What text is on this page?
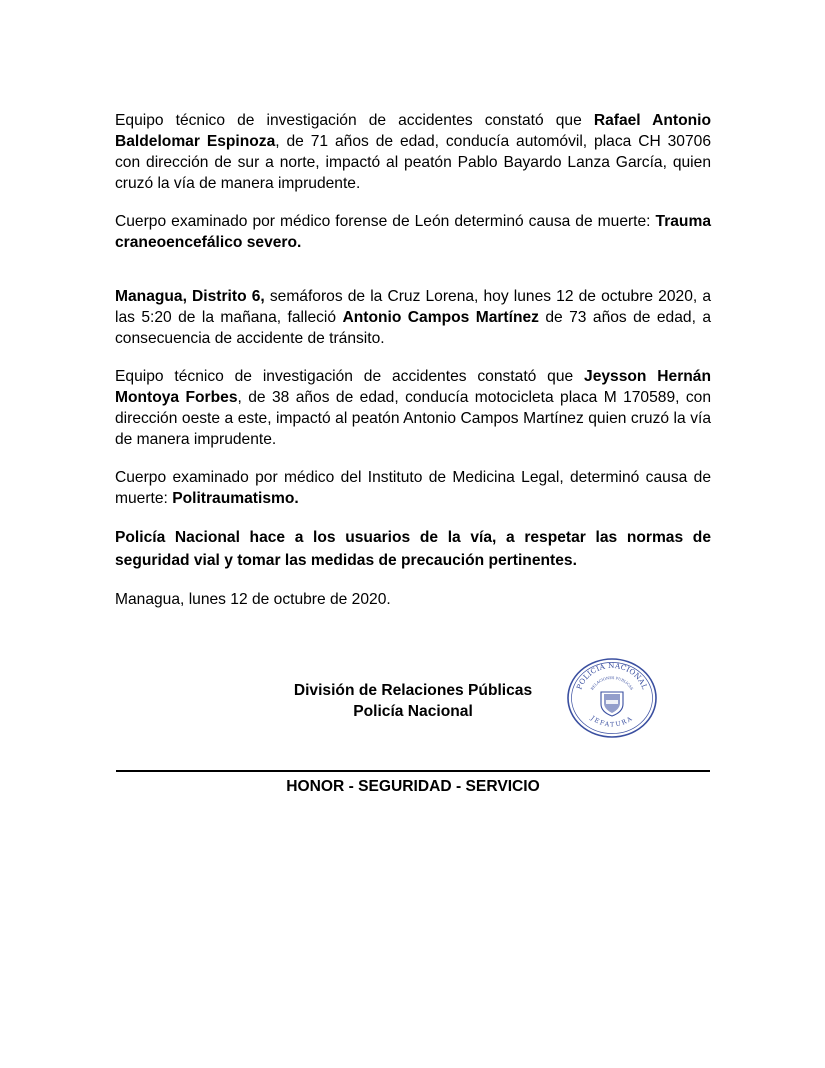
Equipo técnico de investigación de accidentes constató que Rafael Antonio Baldelomar Espinoza, de 71 años de edad, conducía automóvil, placa CH 30706 con dirección de sur a norte, impactó al peatón Pablo Bayardo Lanza García, quien cruzó la vía de manera imprudente.

Cuerpo examinado por médico forense de León determinó causa de muerte: Trauma craneoencefálico severo.

Managua, Distrito 6, semáforos de la Cruz Lorena, hoy lunes 12 de octubre 2020, a las 5:20 de la mañana, falleció Antonio Campos Martínez de 73 años de edad, a consecuencia de accidente de tránsito.

Equipo técnico de investigación de accidentes constató que Jeysson Hernán Montoya Forbes, de 38 años de edad, conducía motocicleta placa M 170589, con dirección oeste a este, impactó al peatón Antonio Campos Martínez quien cruzó la vía de manera imprudente.

Cuerpo examinado por médico del Instituto de Medicina Legal, determinó causa de muerte: Politraumatismo.

Policía Nacional hace a los usuarios de la vía, a respetar las normas de seguridad vial y tomar las medidas de precaución pertinentes.

Managua, lunes 12 de octubre de 2020.

División de Relaciones Públicas
Policía Nacional
POLICIA NACIONAL
RELACIONES PUBLICAS
JEFATURA
HONOR - SEGURIDAD - SERVICIO
